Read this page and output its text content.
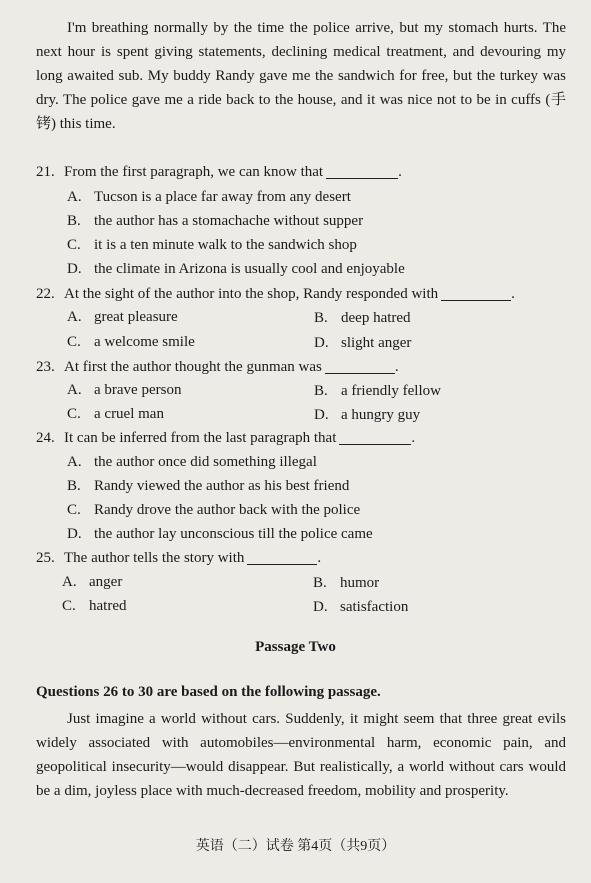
I'm breathing normally by the time the police arrive, but my stomach hurts. The next hour is spent giving statements, declining medical treatment, and devouring my long awaited sub. My buddy Randy gave me the sandwich for free, but the turkey was dry. The police gave me a ride back to the house, and it was nice not to be in cuffs (手铐) this time.
21. From the first paragraph, we can know that	.
A. Tucson is a place far away from any desert
B. the author has a stomachache without supper
C. it is a ten minute walk to the sandwich shop
D. the climate in Arizona is usually cool and enjoyable
22. At the sight of the author into the shop, Randy responded with	.
A. great pleasure	B. deep hatred
C. a welcome smile	D. slight anger
23. At first the author thought the gunman was	.
A. a brave person	B. a friendly fellow
C. a cruel man	D. a hungry guy
24. It can be inferred from the last paragraph that	.
A. the author once did something illegal
B. Randy viewed the author as his best friend
C. Randy drove the author back with the police
D. the author lay unconscious till the police came
25. The author tells the story with	.
A. anger	B. humor
C. hatred	D. satisfaction
Passage Two
Questions 26 to 30 are based on the following passage.
Just imagine a world without cars. Suddenly, it might seem that three great evils widely associated with automobiles—environmental harm, economic pain, and geopolitical insecurity—would disappear. But realistically, a world without cars would be a dim, joyless place with much-decreased freedom, mobility and prosperity.
英语（二）试卷 第4页（共9页）
